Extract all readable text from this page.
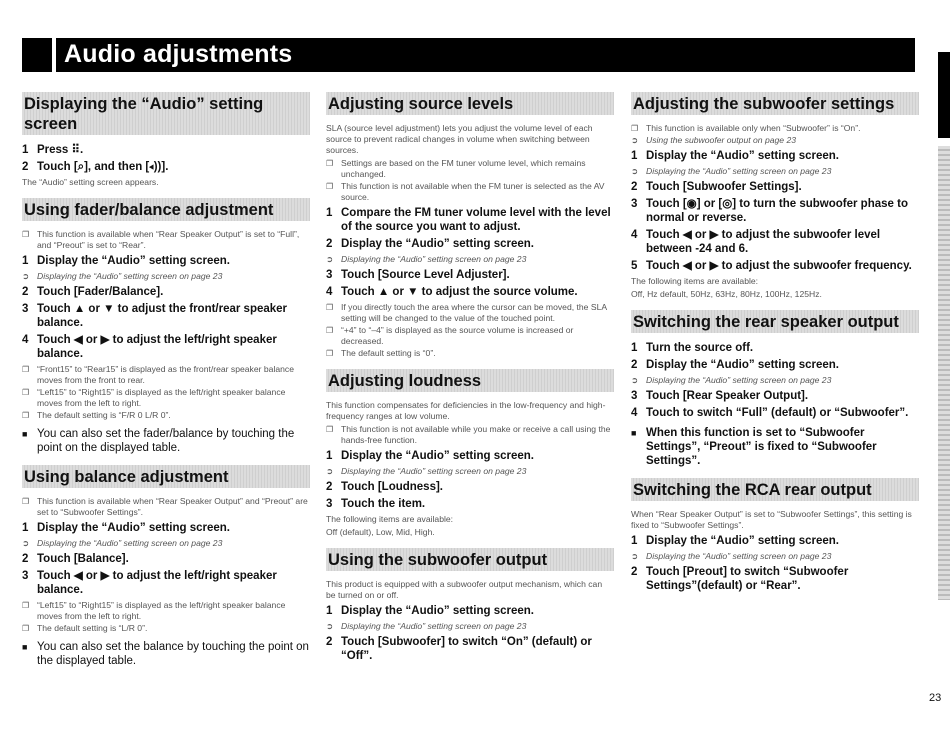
Audio adjustments
Displaying the “Audio” setting screen
1 Press ⠿.
2 Touch [⌕], and then [◂))].
The “Audio” setting screen appears.
Using fader/balance adjustment
❐ This function is available when “Rear Speaker Output” is set to “Full”, and “Preout” is set to “Rear”.
1 Display the “Audio” setting screen.
➲ Displaying the “Audio” setting screen on page 23
2 Touch [Fader/Balance].
3 Touch ▲ or ▼ to adjust the front/rear speaker balance.
4 Touch ◀ or ▶ to adjust the left/right speaker balance.
❐ “Front15” to “Rear15” is displayed as the front/rear speaker balance moves from the front to rear.
❐ “Left15” to “Right15” is displayed as the left/right speaker balance moves from the left to right.
❐ The default setting is “F/R 0 L/R 0”.
■ You can also set the fader/balance by touching the point on the displayed table.
Using balance adjustment
❐ This function is available when “Rear Speaker Output” and “Preout” are set to “Subwoofer Settings”.
1 Display the “Audio” setting screen.
➲ Displaying the “Audio” setting screen on page 23
2 Touch [Balance].
3 Touch ◀ or ▶ to adjust the left/right speaker balance.
❐ “Left15” to “Right15” is displayed as the left/right speaker balance moves from the left to right.
❐ The default setting is “L/R 0”.
■ You can also set the balance by touching the point on the displayed table.
Adjusting source levels
SLA (source level adjustment) lets you adjust the volume level of each source to prevent radical changes in volume when switching between sources.
❐ Settings are based on the FM tuner volume level, which remains unchanged.
❐ This function is not available when the FM tuner is selected as the AV source.
1 Compare the FM tuner volume level with the level of the source you want to adjust.
2 Display the “Audio” setting screen.
➲ Displaying the “Audio” setting screen on page 23
3 Touch [Source Level Adjuster].
4 Touch ▲ or ▼ to adjust the source volume.
❐ If you directly touch the area where the cursor can be moved, the SLA setting will be changed to the value of the touched point.
❐ “+4” to “–4” is displayed as the source volume is increased or decreased.
❐ The default setting is “0”.
Adjusting loudness
This function compensates for deficiencies in the low-frequency and high-frequency ranges at low volume.
❐ This function is not available while you make or receive a call using the hands-free function.
1 Display the “Audio” setting screen.
➲ Displaying the “Audio” setting screen on page 23
2 Touch [Loudness].
3 Touch the item.
The following items are available:
Off (default), Low, Mid, High.
Using the subwoofer output
This product is equipped with a subwoofer output mechanism, which can be turned on or off.
1 Display the “Audio” setting screen.
➲ Displaying the “Audio” setting screen on page 23
2 Touch [Subwoofer] to switch “On” (default) or “Off”.
Adjusting the subwoofer settings
❐ This function is available only when “Subwoofer” is “On”.
➲ Using the subwoofer output on page 23
1 Display the “Audio” setting screen.
➲ Displaying the “Audio” setting screen on page 23
2 Touch [Subwoofer Settings].
3 Touch [◉] or [◎] to turn the subwoofer phase to normal or reverse.
4 Touch ◀ or ▶ to adjust the subwoofer level between -24 and 6.
5 Touch ◀ or ▶ to adjust the subwoofer frequency.
The following items are available:
Off, Hz default, 50Hz, 63Hz, 80Hz, 100Hz, 125Hz.
Switching the rear speaker output
1 Turn the source off.
2 Display the “Audio” setting screen.
➲ Displaying the “Audio” setting screen on page 23
3 Touch [Rear Speaker Output].
4 Touch to switch “Full” (default) or “Subwoofer”.
■ When this function is set to “Subwoofer Settings”, “Preout” is fixed to “Subwoofer Settings”.
Switching the RCA rear output
When “Rear Speaker Output” is set to “Subwoofer Settings”, this setting is fixed to “Subwoofer Settings”.
1 Display the “Audio” setting screen.
➲ Displaying the “Audio” setting screen on page 23
2 Touch [Preout] to switch “Subwoofer Settings”(default) or “Rear”.
23
